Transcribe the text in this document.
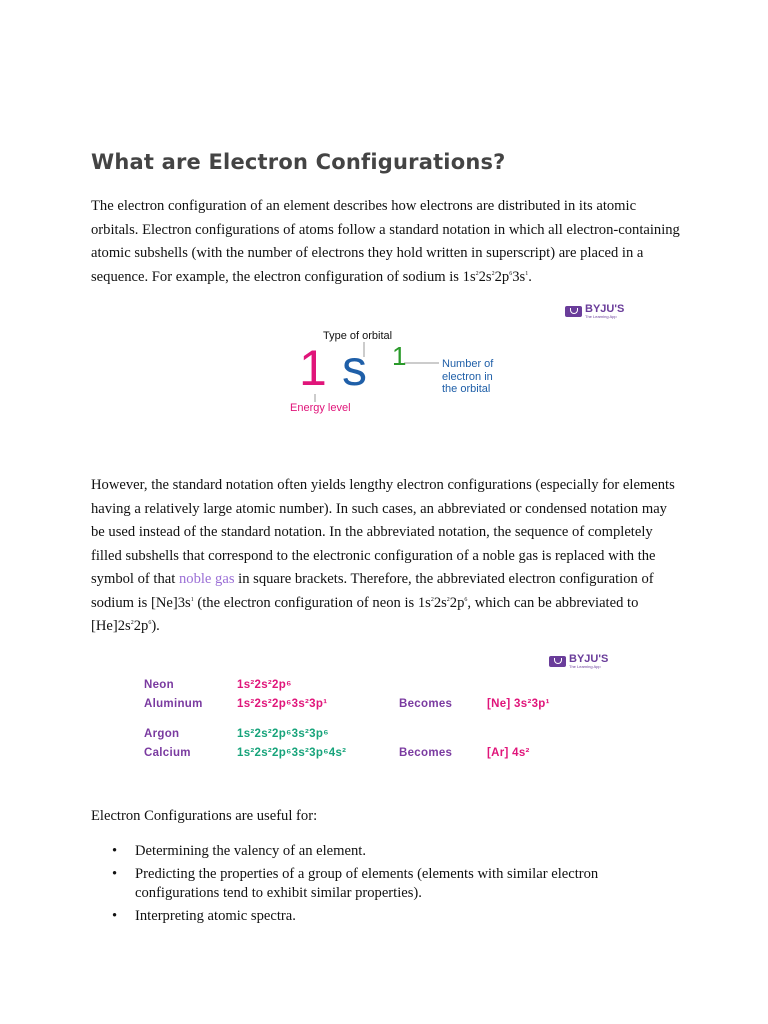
What are Electron Configurations?

The electron configuration of an element describes how electrons are distributed in its atomic orbitals. Electron configurations of atoms follow a standard notation in which all electron-containing atomic subshells (with the number of electrons they hold written in superscript) are placed in a sequence. For example, the electron configuration of sodium is $1s^22s^22p^63s^1$.

However, the standard notation often yields lengthy electron configurations (especially for elements having a relatively large atomic number). In such cases, an abbreviated or condensed notation may be used instead of the standard notation. In the abbreviated notation, the sequence of completely filled subshells that correspond to the electronic configuration of a noble gas is replaced with the symbol of that noble gas in square brackets. Therefore, the abbreviated electron configuration of sodium is $[Ne]3s^1$ (the electron configuration of neon is $1s^22s^22p^6$, which can be abbreviated to $[He]2s^22p^6$).

Electron Configurations are useful for:

• Determining the valency of an element.
• Predicting the properties of a group of elements (elements with similar electron configurations tend to exhibit similar properties).
• Interpreting atomic spectra.
BYJU'S
The Learning App
Type of orbital
1 s 1	Number of
electron in
the orbital
Energy level
BYJU'S
The Learning App
Neon	1s²2s²2p⁶
Aluminum	1s²2s²2p⁶3s²3p¹	Becomes	[Ne] 3s²3p¹
Argon	1s²2s²2p⁶3s²3p⁶
Calcium	1s²2s²2p⁶3s²3p⁶4s²	Becomes	[Ar] 4s²
